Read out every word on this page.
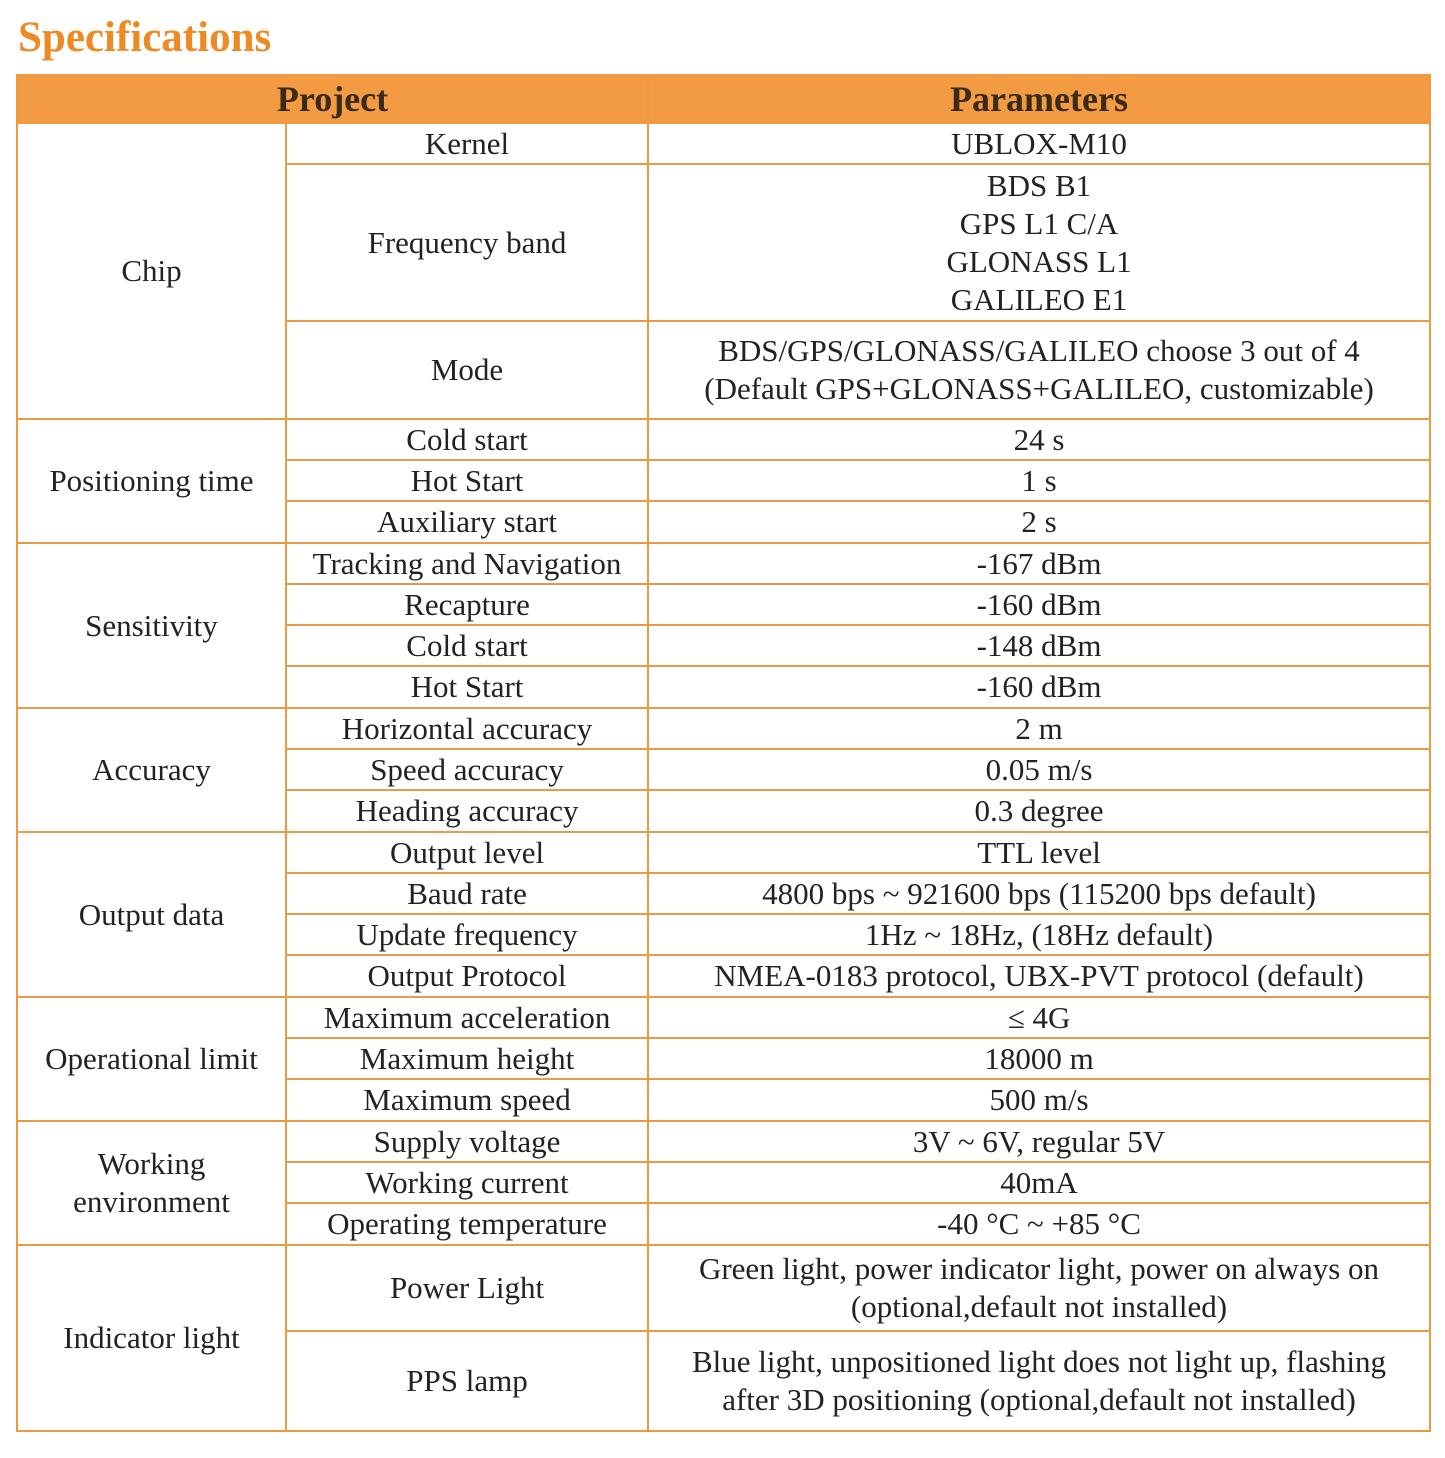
Specifications
Project		Parameters
Chip	Kernel	UBLOX-M10

	Frequency band	BDS B1
GPS L1 C/A
GLONASS L1
GALILEO E1

	Mode	BDS/GPS/GLONASS/GALILEO choose 3 out of 4
(Default GPS+GLONASS+GALILEO, customizable)

Positioning time	Cold start	24 s

	Hot Start	1 s

	Auxiliary start	2 s

Sensitivity	Tracking and Navigation	-167 dBm

	Recapture	-160 dBm

	Cold start	-148 dBm

	Hot Start	-160 dBm

Accuracy	Horizontal accuracy	2 m

	Speed accuracy	0.05 m/s

	Heading accuracy	0.3 degree

Output data	Output level	TTL level

	Baud rate	4800 bps ~ 921600 bps (115200 bps default)

	Update frequency	1Hz ~ 18Hz, (18Hz default)

	Output Protocol	NMEA-0183 protocol, UBX-PVT protocol (default)

Operational limit	Maximum acceleration	≤ 4G

	Maximum height	18000 m

	Maximum speed	500 m/s

Working environment	Supply voltage	3V ~ 6V, regular 5V

	Working current	40mA

	Operating temperature	-40 °C ~ +85 °C

Indicator light	Power Light	Green light, power indicator light, power on always on
(optional,default not installed)

	PPS lamp	Blue light, unpositioned light does not light up, flashing
after 3D positioning (optional,default not installed)
